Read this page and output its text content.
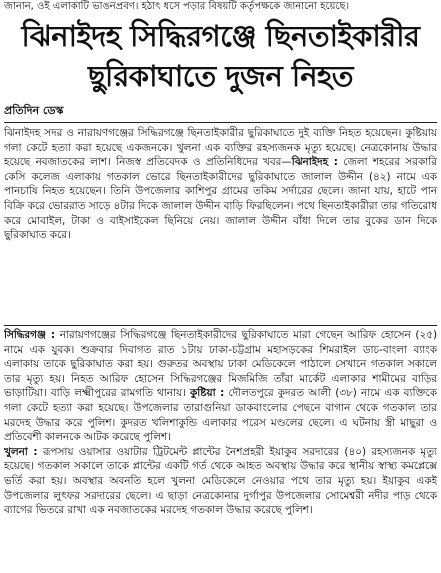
জানান, ওই এলাকাটি ভাঙনপ্রবণ। হঠাৎ ধসে পড়ার বিষয়টি কর্তৃপক্ষকে জানানো হয়েছে।
ঝিনাইদহ সিদ্ধিরগঞ্জে ছিনতাইকারীর
ছুরিকাঘাতে দুজন নিহত
প্রতিদিন ডেস্ক

ঝিনাইদহ সদর ও নারায়ণগঞ্জের সিদ্ধিরগঞ্জে ছিনতাইকারীর ছুরিকাঘাতে দুই ব্যক্তি নিহত হয়েছেন। কুষ্টিয়ায় গলা কেটে হত্যা করা হয়েছে একজনকে। খুলনা এক ব্যক্তির রহস্যজনক মৃত্যু হয়েছে। নেত্রকোনায় উদ্ধার হয়েছে নবজাতকের লাশ। নিজস্ব প্রতিবেদক ও প্রতিনিধিদের খবর—ঝিনাইদহ : জেলা শহরের সরকারি কেসি কলেজ এলাকায় গতকাল ভোরে ছিনতাইকারীদের ছুরিকাঘাতে জালাল উদ্দীন (৪২) নামে এক পানচাষি নিহত হয়েছেন। তিনি উপজেলার কাশিপুর গ্রামের তকিম সর্দারের ছেলে। জানা যায়, হাটে পান বিক্রি করে ভোররাত সাড়ে ৪টার দিকে জালাল উদ্দীন বাড়ি ফিরছিলেন। পথে ছিনতাইকারীরা তার গতিরোধ করে মোবাইল, টাকা ও বাইসাইকেল ছিনিয়ে নেয়। জালাল উদ্দীন বাঁধা দিলে তার বুকের ডান দিকে ছুরিকাঘাত করে।

সিদ্ধিরগঞ্জ : নারায়ণগঞ্জের সিদ্ধিরগঞ্জে ছিনতাইকারীদের ছুরিকাঘাতে মারা গেছেন আরিফ হোসেন (২৫) নামে এক যুবক। শুক্রবার দিবাগত রাত ১টায় ঢাকা-চট্টগ্রাম মহাসড়কের শিমরাইল ডাচ-বাংলা ব্যাংক এলাকায় তাকে ছুরিকাঘাত করা হয়। গুরুতর অবস্থায় ঢাকা মেডিকেলে পাঠালে সেখানে গতকাল সকালে তার মৃত্যু হয়। নিহত আরিফ হোসেন সিদ্ধিরগঞ্জের মিজমিজি তাঁরা মার্কেট এলাকার শামীমের বাড়ির ভাড়াটিয়া। বাড়ি লক্ষ্মীপুরের রামগতি থানায়। কুষ্টিয়া : দৌলতপুরে কুদরত আলী (৩৮) নামে এক ব্যক্তিকে গলা কেটে হত্যা করা হয়েছে। উপজেলার তারাগুনিয়া ডাকবাংলোর পেছনে বাগান থেকে গতকাল তার মরদেহ উদ্ধার করে পুলিশ। কুদরত খলিশাকুন্ডি এলাকার পরেস মণ্ডলের ছেলে। এ ঘটনায় স্ত্রী মাছুরা ও প্রতিবেশী কালনকে আটক করেছে পুলিশ।

খুলনা : রূপসায় ওয়াসার ওয়াটার ট্রিটমেন্ট প্লান্টের নৈশপ্রহরী ইয়াকুব সরদারের (৪০) রহস্যজনক মৃত্যু হয়েছে। গতকাল সকালে তাকে প্লান্টের একটি গর্ত থেকে আহত অবস্থায় উদ্ধার করে স্থানীয় স্বাস্থ্য কমপ্লেক্সে ভর্তি করা হয়। অবস্থার অবনতি হলে খুলনা মেডিকেলে নেওয়ার পথে তার মৃত্যু হয়। ইয়াকুব একই উপজেলার লুৎফর সরদারের ছেলে। এ ছাড়া নেত্রকোনার দুর্গাপুর উপজেলার সোমেশ্বরী নদীর পাড় থেকে ব্যাগের ভিতরে রাখা এক নবজাতকের মরদেহ গতকাল উদ্ধার করেছে পুলিশ।
